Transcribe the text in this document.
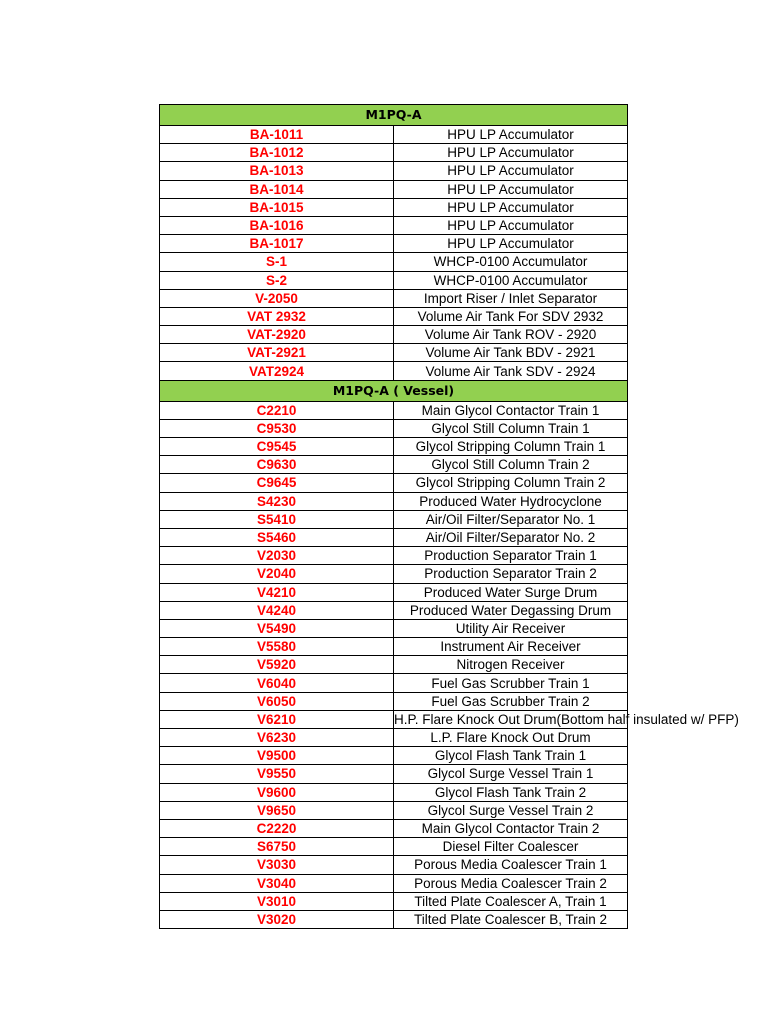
M1PQ-A	
BA-1011	HPU LP Accumulator
BA-1012	HPU LP Accumulator
BA-1013	HPU LP Accumulator
BA-1014	HPU LP Accumulator
BA-1015	HPU LP Accumulator
BA-1016	HPU LP Accumulator
BA-1017	HPU LP Accumulator
S-1	WHCP-0100 Accumulator
S-2	WHCP-0100 Accumulator
V-2050	Import Riser / Inlet Separator
VAT 2932	Volume Air Tank For SDV 2932
VAT-2920	Volume Air Tank ROV - 2920
VAT-2921	Volume Air Tank BDV - 2921
VAT2924	Volume Air Tank SDV - 2924
M1PQ-A ( Vessel)	
C2210	Main Glycol Contactor Train 1
C9530	Glycol Still Column Train 1
C9545	Glycol Stripping Column Train 1
C9630	Glycol Still Column Train 2
C9645	Glycol Stripping Column Train 2
S4230	Produced Water Hydrocyclone
S5410	Air/Oil Filter/Separator No. 1
S5460	Air/Oil Filter/Separator No. 2
V2030	Production Separator Train 1
V2040	Production Separator Train 2
V4210	Produced Water Surge Drum
V4240	Produced Water Degassing Drum
V5490	Utility Air Receiver
V5580	Instrument Air Receiver
V5920	Nitrogen Receiver
V6040	Fuel Gas Scrubber Train 1
V6050	Fuel Gas Scrubber Train 2
V6210	H.P. Flare Knock Out Drum(Bottom half insulated w/ PFP)
V6230	L.P. Flare Knock Out Drum
V9500	Glycol Flash Tank Train 1
V9550	Glycol Surge Vessel Train 1
V9600	Glycol Flash Tank Train 2
V9650	Glycol Surge Vessel Train 2
C2220	Main Glycol Contactor Train 2
S6750	Diesel Filter Coalescer
V3030	Porous Media Coalescer Train 1
V3040	Porous Media Coalescer Train 2
V3010	Tilted Plate Coalescer A, Train 1
V3020	Tilted Plate Coalescer B, Train 2
